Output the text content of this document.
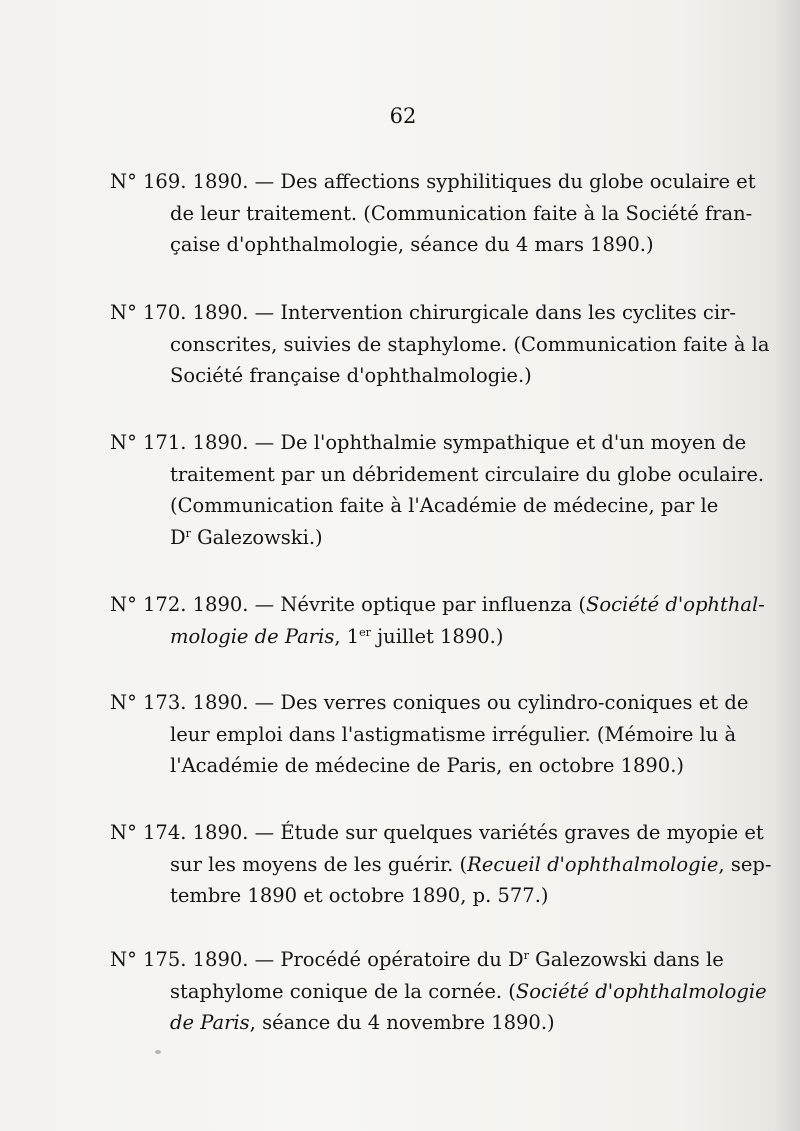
62
N° 169. 1890. — Des affections syphilitiques du globe oculaire et
de leur traitement. (Communication faite à la Société fran-
çaise d'ophthalmologie, séance du 4 mars 1890.)
N° 170. 1890. — Intervention chirurgicale dans les cyclites cir-
conscrites, suivies de staphylome. (Communication faite à la
Société française d'ophthalmologie.)
N° 171. 1890. — De l'ophthalmie sympathique et d'un moyen de
traitement par un débridement circulaire du globe oculaire.
(Communication faite à l'Académie de médecine, par le
$D^r$ Galezowski.)
N° 172. 1890. — Névrite optique par influenza (Société d'ophthal-
mologie de Paris, 1er juillet 1890.)
N° 173. 1890. — Des verres coniques ou cylindro-coniques et de
leur emploi dans l'astigmatisme irrégulier. (Mémoire lu à
l'Académie de médecine de Paris, en octobre 1890.)
N° 174. 1890. — Étude sur quelques variétés graves de myopie et
sur les moyens de les guérir. (Recueil d'ophthalmologie, sep-
tembre 1890 et octobre 1890, p. 577.)
N° 175. 1890. — Procédé opératoire du $D^r$ Galezowski dans le
staphylome conique de la cornée. (Société d'ophthalmologie
de Paris, séance du 4 novembre 1890.)
